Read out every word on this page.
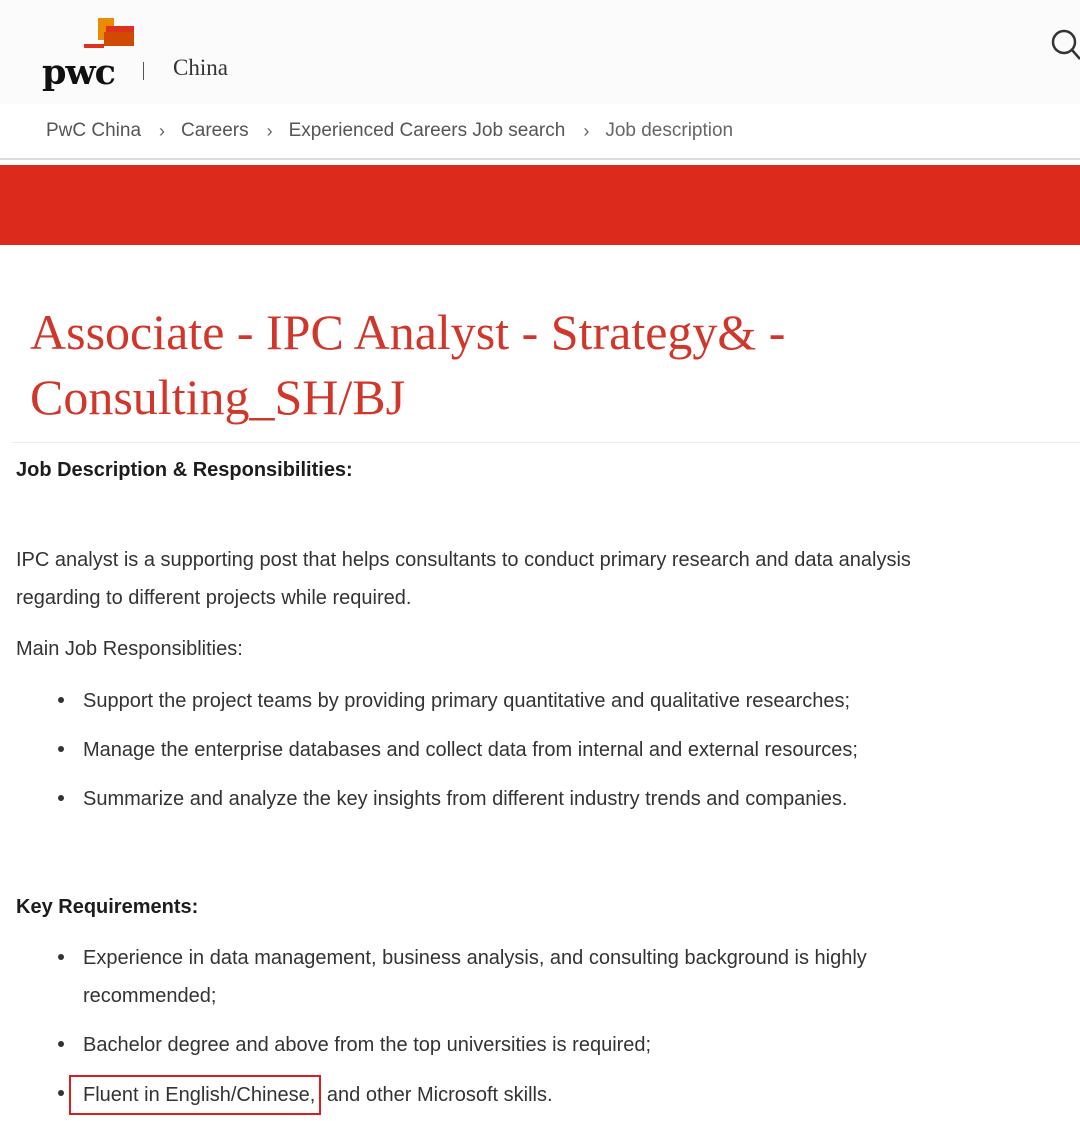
pwc	China
PwC China › Careers › Experienced Careers Job search › Job description
Associate - IPC Analyst - Strategy& -
Consulting_SH/BJ

Job Description & Responsibilities:

IPC analyst is a supporting post that helps consultants to conduct primary research and data analysis
regarding to different projects while required.

Main Job Responsiblities:

Support the project teams by providing primary quantitative and qualitative researches;
Manage the enterprise databases and collect data from internal and external resources;
Summarize and analyze the key insights from different industry trends and companies.

Key Requirements:

Experience in data management, business analysis, and consulting background is highly
recommended;
Bachelor degree and above from the top universities is required;
Fluent in English/Chinese, and other Microsoft skills.
